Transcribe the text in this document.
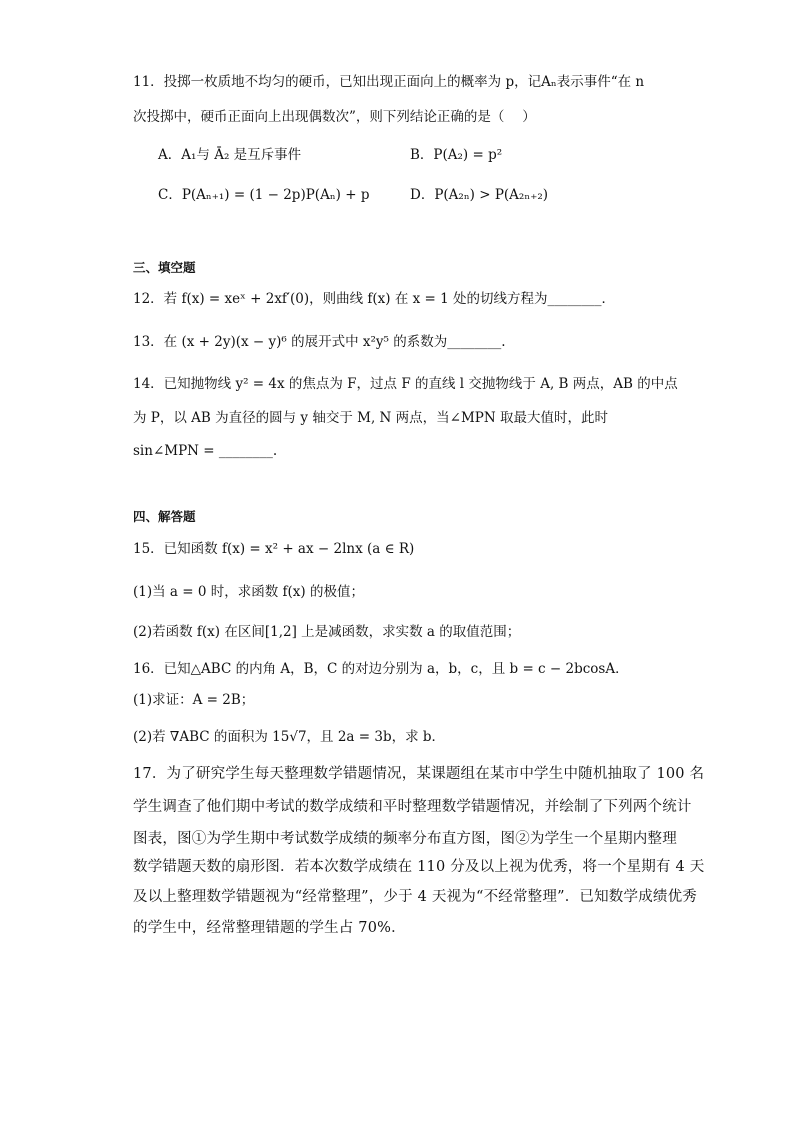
11．投掷一枚质地不均匀的硬币，已知出现正面向上的概率为 p，记Aₙ表示事件“在 n
次投掷中，硬币正面向上出现偶数次”，则下列结论正确的是（　 ）
A．A₁与 Ā₂ 是互斥事件	B．P(A₂) = p²
C．P(Aₙ₊₁) = (1 − 2p)P(Aₙ) + p	D．P(A₂ₙ) > P(A₂ₙ₊₂)
三、填空题
12．若 f(x) = xeˣ + 2xf′(0)，则曲线 f(x) 在 x = 1 处的切线方程为________．
13．在 (x + 2y)(x − y)⁶ 的展开式中 x²y⁵ 的系数为________.
14．已知抛物线 y² = 4x 的焦点为 F，过点 F 的直线 l 交抛物线于 A, B 两点，AB 的中点
为 P，以 AB 为直径的圆与 y 轴交于 M, N 两点，当∠MPN 取最大值时，此时
sin∠MPN = ________.
四、解答题
15．已知函数 f(x) = x² + ax − 2lnx (a ∈ R)
(1)当 a = 0 时，求函数 f(x) 的极值；
(2)若函数 f(x) 在区间[1,2] 上是减函数，求实数 a 的取值范围；
16．已知△ABC 的内角 A，B，C 的对边分别为 a，b，c，且 b = c − 2bcosA．
(1)求证：A = 2B；
(2)若 ∇ABC 的面积为 15√7，且 2a = 3b，求 b．
17．为了研究学生每天整理数学错题情况，某课题组在某市中学生中随机抽取了 100 名
学生调查了他们期中考试的数学成绩和平时整理数学错题情况，并绘制了下列两个统计
图表，图①为学生期中考试数学成绩的频率分布直方图，图②为学生一个星期内整理
数学错题天数的扇形图．若本次数学成绩在 110 分及以上视为优秀，将一个星期有 4 天
及以上整理数学错题视为“经常整理”，少于 4 天视为“不经常整理”．已知数学成绩优秀
的学生中，经常整理错题的学生占 70%．
